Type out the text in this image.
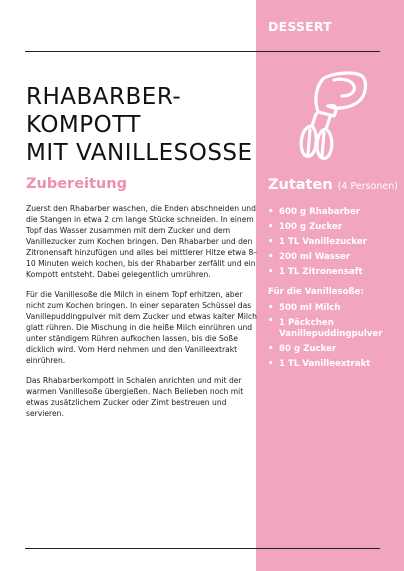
DESSERT
RHABARBER-
KOMPOTT
MIT VANILLESOSSE
Zubereitung	Zutaten (4 Personen)

Zuerst den Rhabarber waschen, die Enden abschneiden und die Stangen in etwa 2 cm lange Stücke schneiden. In einem Topf das Wasser zusammen mit dem Zucker und dem Vanillezucker zum Kochen bringen. Den Rhabarber und den Zitronensaft hinzufügen und alles bei mittlerer Hitze etwa 8–10 Minuten weich kochen, bis der Rhabarber zerfällt und ein Kompott entsteht. Dabei gelegentlich umrühren.

Für die Vanillesoße die Milch in einem Topf erhitzen, aber nicht zum Kochen bringen. In einer separaten Schüssel das Vanillepuddingpulver mit dem Zucker und etwas kalter Milch glatt rühren. Die Mischung in die heiße Milch einrühren und unter ständigem Rühren aufkochen lassen, bis die Soße dicklich wird. Vom Herd nehmen und den Vanilleextrakt einrühren.

Das Rhabarberkompott in Schalen anrichten und mit der warmen Vanillesoße übergießen. Nach Belieben noch mit etwas zusätzlichem Zucker oder Zimt bestreuen und servieren.

• 600 g Rhabarber
• 100 g Zucker
• 1 TL Vanillezucker
• 200 ml Wasser
• 1 TL Zitronensaft
Für die Vanillesoße:
• 500 ml Milch
• 1 Päckchen Vanillepuddingpulver
• 80 g Zucker
• 1 TL Vanilleextrakt
